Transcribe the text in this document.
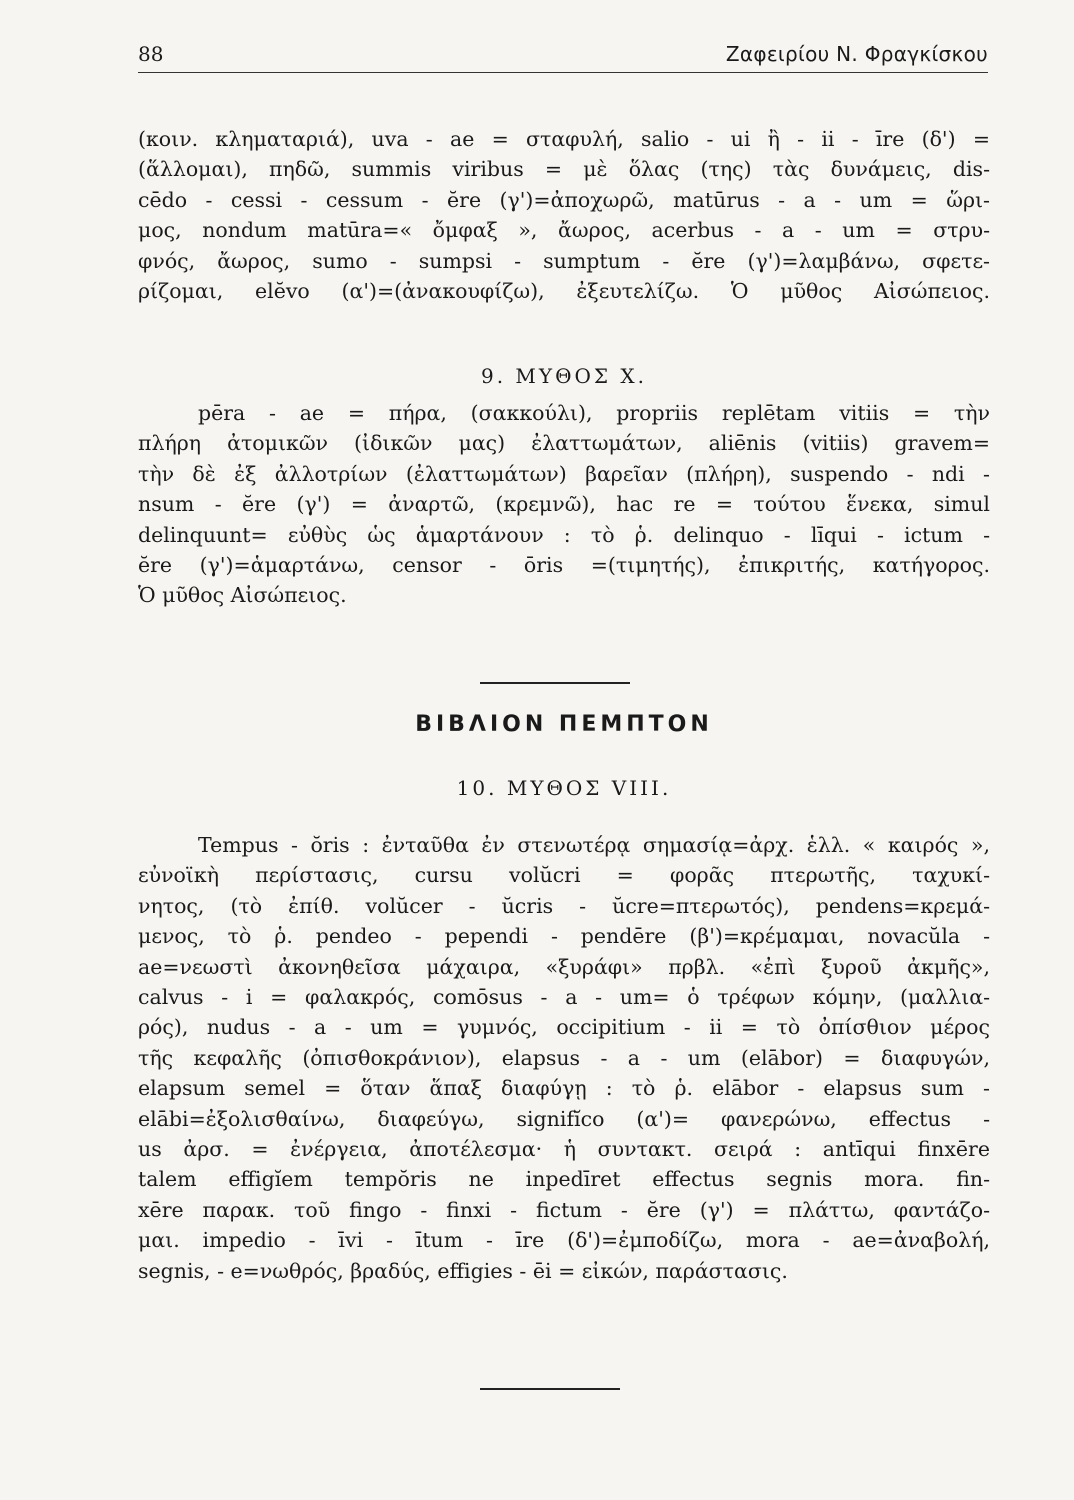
88	Ζαφειρίου Ν. Φραγκίσκου
(κοιν. κληματαριά), uva - ae = σταφυλή, salio - ui ἢ - ii - īre (δ') =
(ἅλλομαι), πηδῶ, summis viribus = μὲ ὅλας (της) τὰς δυνάμεις, dis-
cēdo - cessi - cessum - ĕre (γ')=ἀποχωρῶ, matūrus - a - um = ὥρι-
μος, nondum matūra=« ὄμφαξ », ἄωρος, acerbus - a - um = στρυ-
φνός, ἄωρος, sumo - sumpsi - sumptum - ĕre (γ')=λαμβάνω, σφετε-
ρίζομαι, elĕvo (α')=(ἀνακουφίζω), ἐξευτελίζω. Ὁ μῦθος Αἰσώπειος.
9. ΜΥΘΟΣ X.
pēra - ae = πήρα, (σακκούλι), propriis replētam vitiis = τὴν
πλήρη ἀτομικῶν (ἰδικῶν μας) ἐλαττωμάτων, aliēnis (vitiis) gravem=
τὴν δὲ ἐξ ἀλλοτρίων (ἐλαττωμάτων) βαρεῖαν (πλήρη), suspendo - ndi -
nsum - ĕre (γ') = ἀναρτῶ, (κρεμνῶ), hac re = τούτου ἕνεκα, simul
delinquunt= εὐθὺς ὡς ἁμαρτάνουν : τὸ ῥ. delinquo - līqui - ictum -
ĕre (γ')=ἁμαρτάνω, censor - ōris =(τιμητής), ἐπικριτής, κατήγορος.
Ὁ μῦθος Αἰσώπειος.
ΒΙΒΛΙΟΝ ΠΕΜΠΤΟΝ
10. ΜΥΘΟΣ VIII.
Tempus - ŏris : ἐνταῦθα ἐν στενωτέρᾳ σημασίᾳ=ἀρχ. ἑλλ. « καιρός », εὐνοϊκὴ περίστασις, cursu volŭcri = φορᾶς πτερωτῆς, ταχυκί-
νητος, (τὸ ἐπίθ. volŭcer - ŭcris - ŭcre=πτερωτός), pendens=κρεμά-
μενος, τὸ ῥ. pendeo - pependi - pendēre (β')=κρέμαμαι, novacŭla -
ae=νεωστὶ ἀκονηθεῖσα μάχαιρα, «ξυράφι» πρβλ. «ἐπὶ ξυροῦ ἀκμῆς»,
calvus - i = φαλακρός, comōsus - a - um= ὁ τρέφων κόμην, (μαλλια-
ρός), nudus - a - um = γυμνός, occipitium - ii = τὸ ὀπίσθιον μέρος
τῆς κεφαλῆς (ὀπισθοκράνιον), elapsus - a - um (elābor) = διαφυγών,
elapsum semel = ὅταν ἅπαξ διαφύγῃ : τὸ ῥ. elābor - elapsus sum -
elābi=ἐξολισθαίνω, διαφεύγω, signifĭco (α')= φανερώνω, effectus -
us ἀρσ. = ἐνέργεια, ἀποτέλεσμα· ἡ συντακτ. σειρά : antīqui finxēre
talem effigĭem tempŏris ne inpedīret effectus segnis mora. fin-
xēre παρακ. τοῦ fingo - finxi - fictum - ĕre (γ') = πλάττω, φαντάζο-
μαι. impedio - īvi - ītum - īre (δ')=ἐμποδίζω, mora - ae=ἀναβολή,
segnis, - e=νωθρός, βραδύς, effigies - ēi = εἰκών, παράστασις.
